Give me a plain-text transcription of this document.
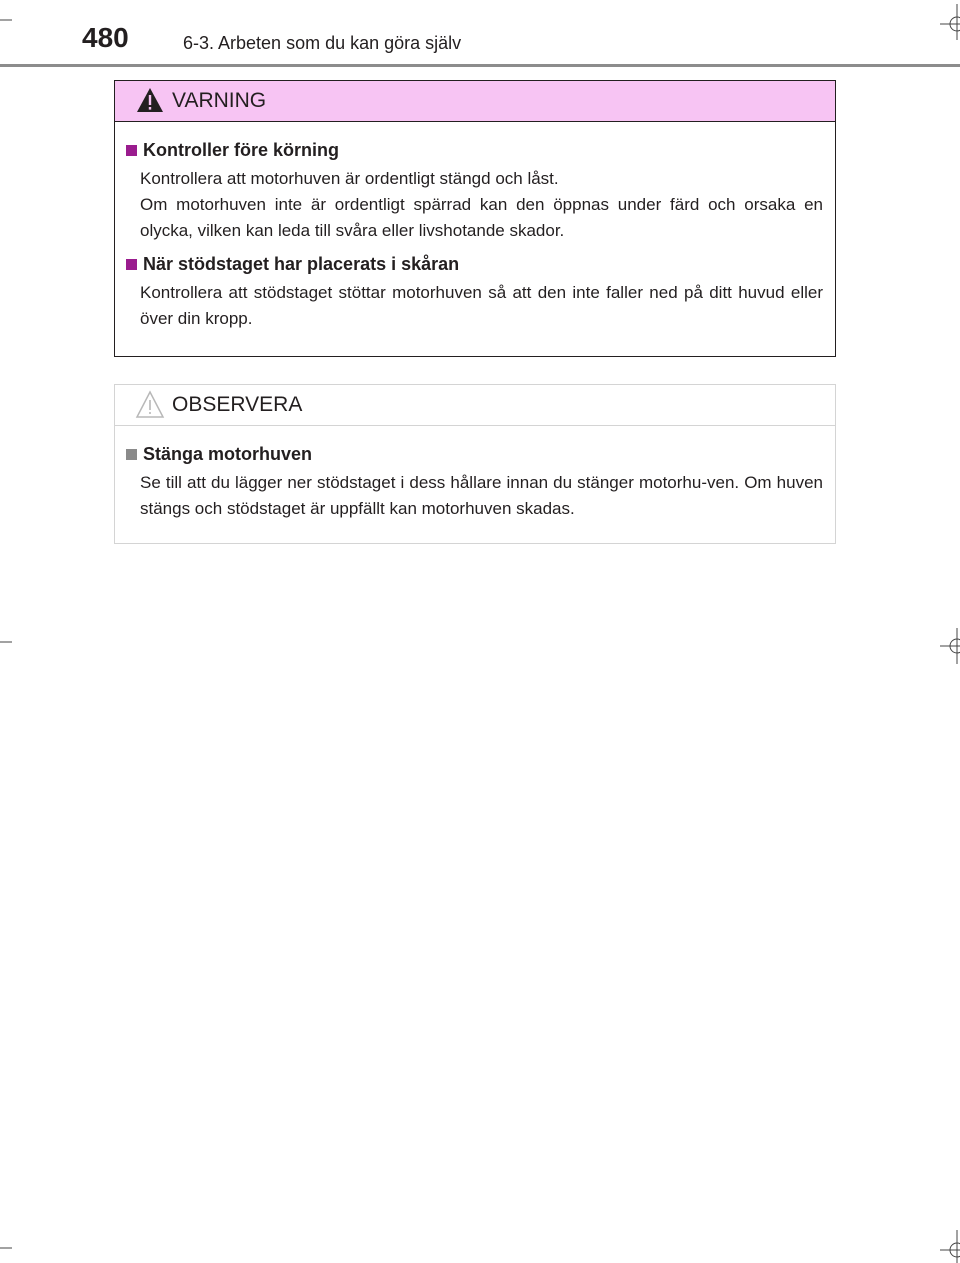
480	6-3. Arbeten som du kan göra själv
VARNING
Kontroller före körning

Kontrollera att motorhuven är ordentligt stängd och låst.

Om motorhuven inte är ordentligt spärrad kan den öppnas under färd och orsaka en olycka, vilken kan leda till svåra eller livshotande skador.

När stödstaget har placerats i skåran

Kontrollera att stödstaget stöttar motorhuven så att den inte faller ned på ditt huvud eller över din kropp.

OBSERVERA
Stänga motorhuven

Se till att du lägger ner stödstaget i dess hållare innan du stänger motorhu-ven. Om huven stängs och stödstaget är uppfällt kan motorhuven skadas.
